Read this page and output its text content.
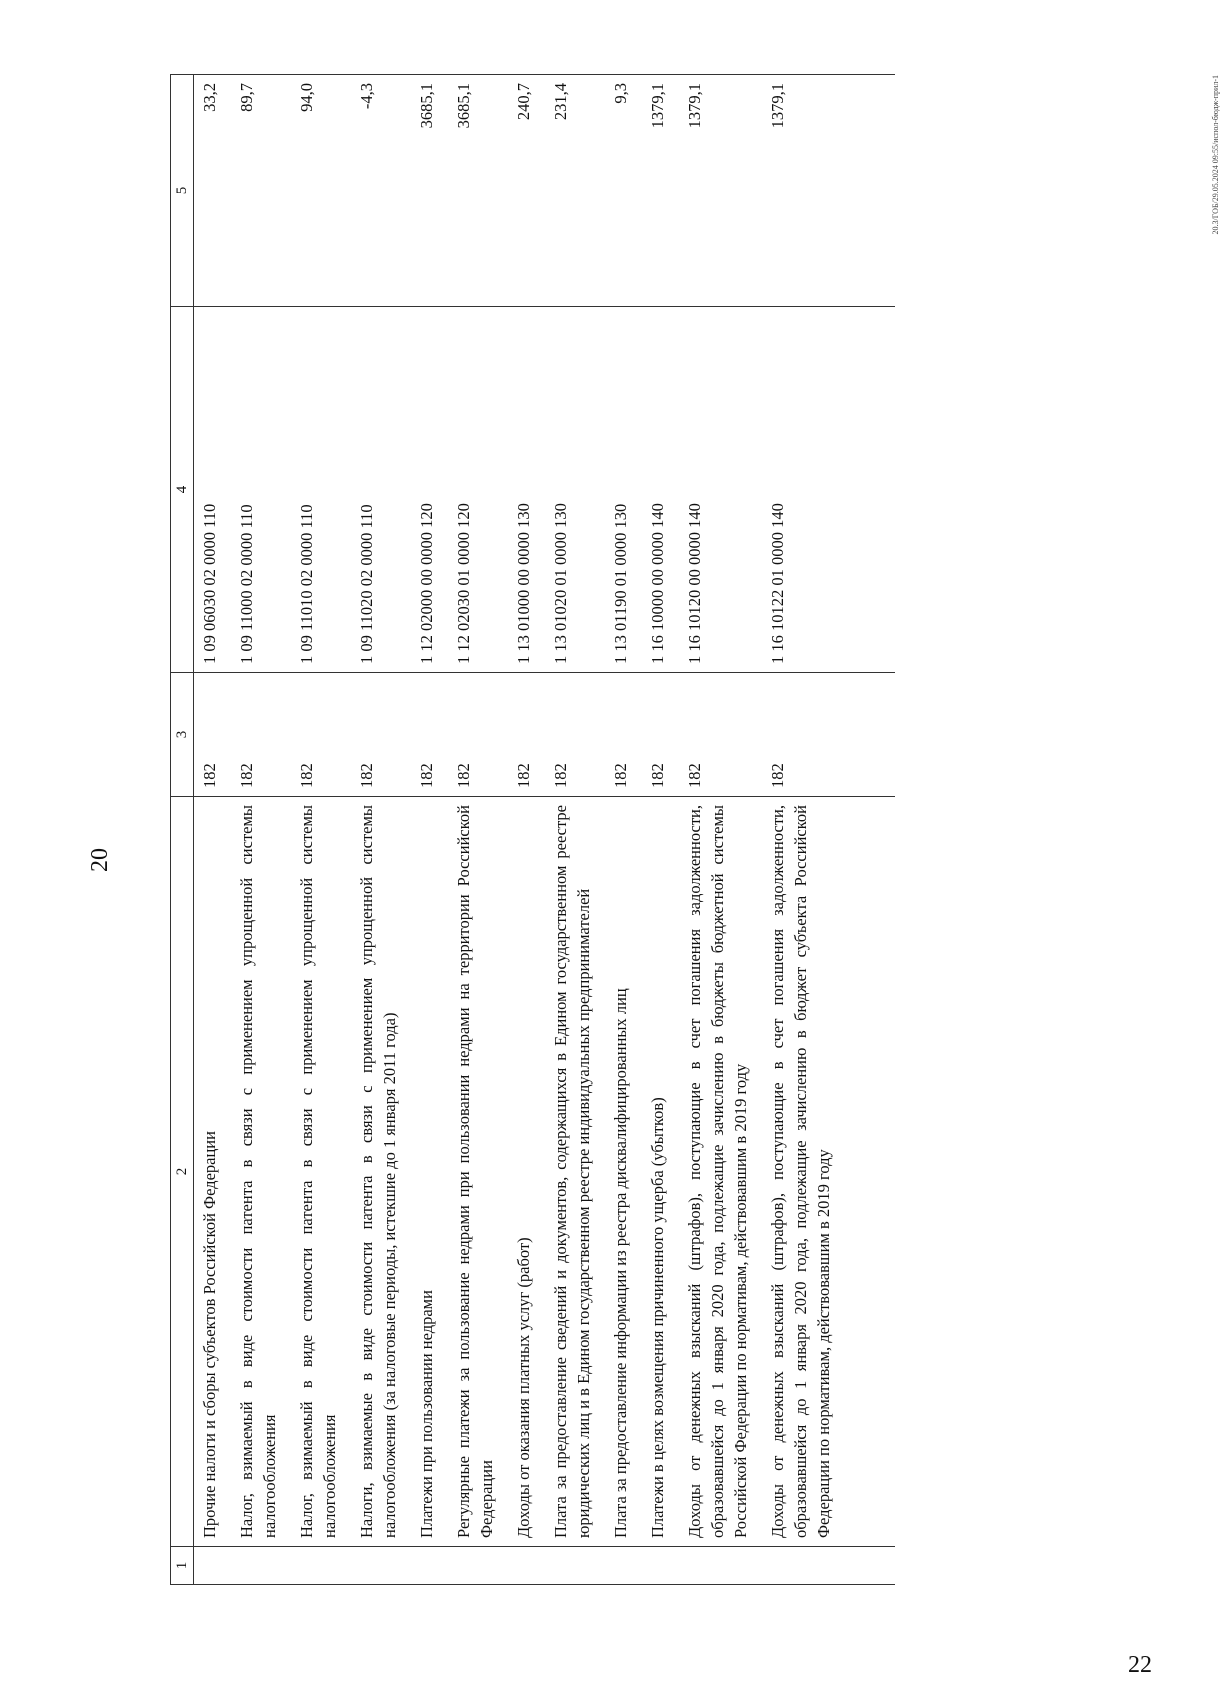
20
1	2	3	4	5
	Прочие налоги и сборы субъектов Российской Федерации	182	1 09 06030 02 0000 110	33,2
	Налог, взимаемый в виде стоимости патента в связи с применением упрощенной системы налогообложения	182	1 09 11000 02 0000 110	89,7
	Налог, взимаемый в виде стоимости патента в связи с применением упрощенной системы налогообложения	182	1 09 11010 02 0000 110	94,0
	Налоги, взимаемые в виде стоимости патента в связи с применением упрощенной системы налогообложения (за налоговые периоды, истекшие до 1 января 2011 года)	182	1 09 11020 02 0000 110	-4,3
	Платежи при пользовании недрами	182	1 12 02000 00 0000 120	3685,1
	Регулярные платежи за пользование недрами при пользовании недрами на территории Российской Федерации	182	1 12 02030 01 0000 120	3685,1
	Доходы от оказания платных услуг (работ)	182	1 13 01000 00 0000 130	240,7
	Плата за предоставление сведений и документов, содержащихся в Едином государственном реестре юридических лиц и в Едином государственном реестре индивидуальных предпринимателей	182	1 13 01020 01 0000 130	231,4
	Плата за предоставление информации из реестра дисквалифицированных лиц	182	1 13 01190 01 0000 130	9,3
	Платежи в целях возмещения причиненного ущерба (убытков)	182	1 16 10000 00 0000 140	1379,1
	Доходы от денежных взысканий (штрафов), поступающие в счет погашения задолженности, образовавшейся до 1 января 2020 года, подлежащие зачислению в бюджеты бюджетной системы Российской Федерации по нормативам, действовавшим в 2019 году	182	1 16 10120 00 0000 140	1379,1
	Доходы от денежных взысканий (штрафов), поступающие в счет погашения задолженности, образовавшейся до 1 января 2020 года, подлежащие зачислению в бюджет субъекта Российской Федерации по нормативам, действовавшим в 2019 году	182	1 16 10122 01 0000 140	1379,1	20.3/ГОБ/29.05.2024 09:55/испол-бюдж-прил-1
22
